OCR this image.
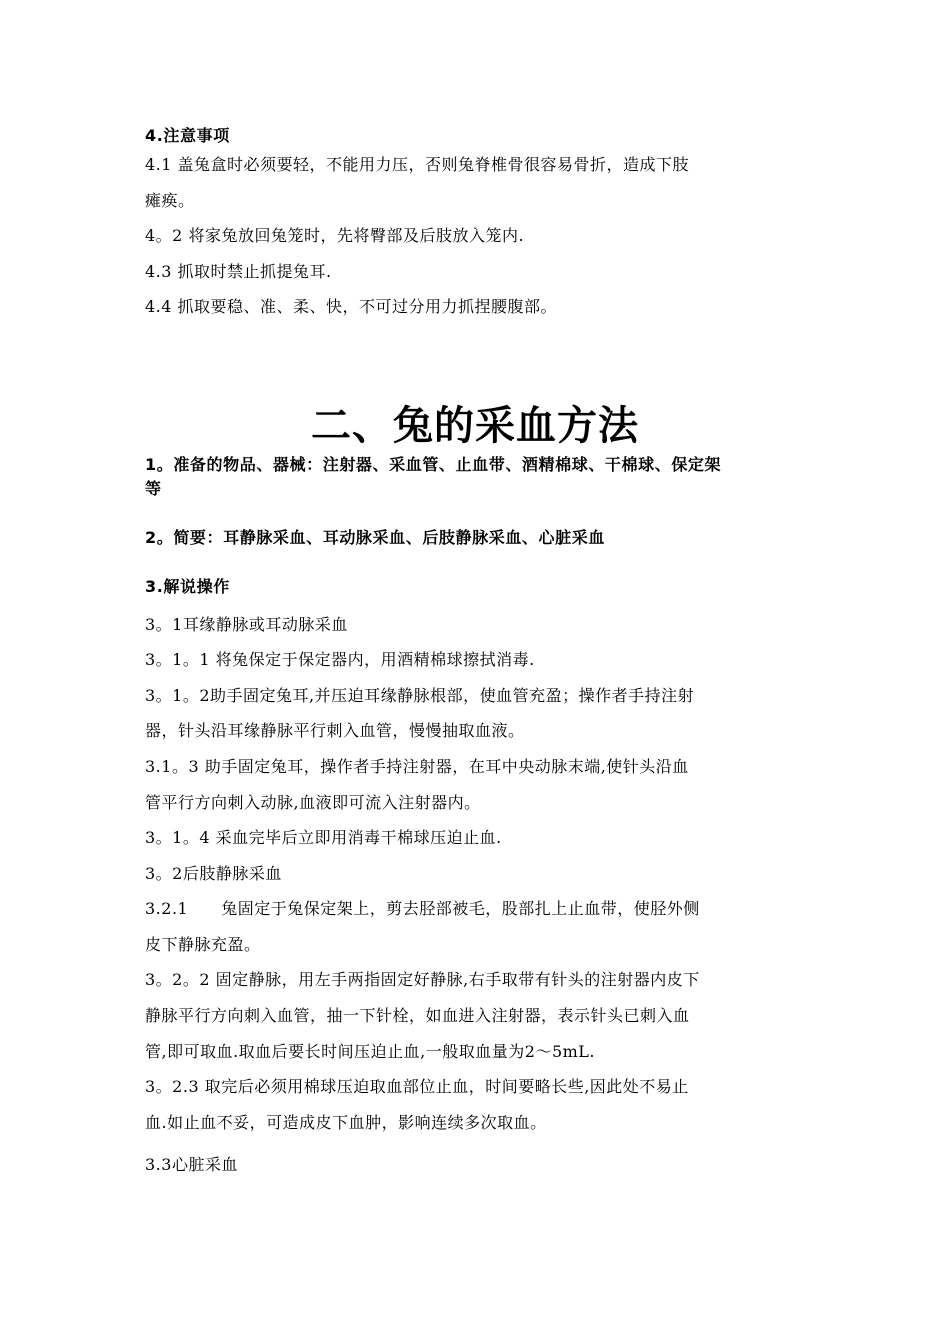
4.注意事项
4.1 盖兔盒时必须要轻，不能用力压，否则兔脊椎骨很容易骨折，造成下肢
瘫痪。
4。2 将家兔放回兔笼时，先将臀部及后肢放入笼内.
4.3 抓取时禁止抓提兔耳.
4.4 抓取要稳、准、柔、快，不可过分用力抓捏腰腹部。
二、兔的采血方法
1。准备的物品、器械：注射器、采血管、止血带、酒精棉球、干棉球、保定架
等
2。简要：耳静脉采血、耳动脉采血、后肢静脉采血、心脏采血
3.解说操作
3。1耳缘静脉或耳动脉采血
3。1。1 将兔保定于保定器内，用酒精棉球擦拭消毒.
3。1。2助手固定兔耳,并压迫耳缘静脉根部，使血管充盈；操作者手持注射
器，针头沿耳缘静脉平行刺入血管，慢慢抽取血液。
3.1。3 助手固定兔耳，操作者手持注射器，在耳中央动脉末端,使针头沿血
管平行方向刺入动脉,血液即可流入注射器内。
3。1。4 采血完毕后立即用消毒干棉球压迫止血.
3。2后肢静脉采血
3.2.1　　兔固定于兔保定架上，剪去胫部被毛，股部扎上止血带，使胫外侧
皮下静脉充盈。
3。2。2 固定静脉，用左手两指固定好静脉,右手取带有针头的注射器内皮下
静脉平行方向刺入血管，抽一下针栓，如血进入注射器，表示针头已刺入血
管,即可取血.取血后要长时间压迫止血,一般取血量为2～5mL.
3。2.3 取完后必须用棉球压迫取血部位止血，时间要略长些,因此处不易止
血.如止血不妥，可造成皮下血肿，影响连续多次取血。
3.3心脏采血
